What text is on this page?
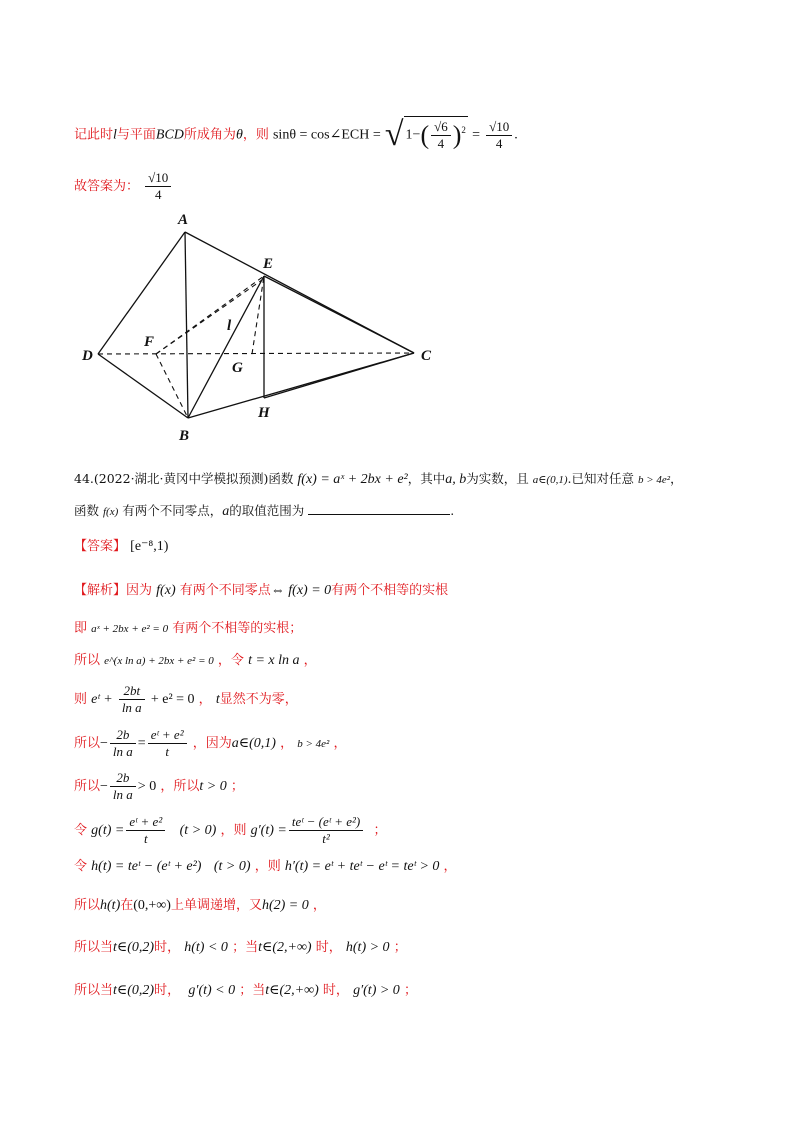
记此时l与平面BCD所成角为θ，则 sinθ = cos∠ECH = √ $1-( \frac{√6}{4} )^2 = \frac{√10}{4}$ .
故答案为： $\frac{√10}{4}$
A
E
F
l
D	C
G
H
B
44.(2022·湖北·黄冈中学模拟预测)函数 f(x) = aˣ + 2bx + e²，其中a, b为实数，且 a∈(0,1).已知对任意 b > 4e²，
函数 f(x) 有两个不同零点，a的取值范围为	.
【答案】 [e⁻⁸,1)
【解析】因为 f(x) 有两个不同零点⇔ f(x) = 0有两个不相等的实根
即 aˣ + 2bx + e² = 0 有两个不相等的实根；
所以 e^(x ln a) + 2bx + e² = 0 ，令 t = x ln a ，
则 eᵗ + $\frac{2bt}{\text{ln a}} + e^2 = 0$ ， t显然不为零，
所以− $\frac{2b}{\text{ln a}} = \frac{\text{eᵗ + e²}}{t}$ ，因为a∈(0,1) ， b > 4e² ，
所以− $\frac{2b}{\text{ln a}} > 0$ ，所以t > 0 ；
令 $g(t) = \frac{\text{eᵗ + e²}}{t} (t > 0)$ ，则 $g'(t) = \frac{\text{teᵗ − (eᵗ + e²)}}{\text{t²}}$ ；
令 h(t) = teᵗ − (eᵗ + e²) (t > 0) ，则 h′(t) = eᵗ + teᵗ − eᵗ = teᵗ > 0 ，
所以h(t)在(0,+∞)上单调递增，又h(2) = 0 ，
所以当t∈(0,2)时， h(t) < 0 ；当t∈(2,+∞) 时， h(t) > 0 ；
所以当t∈(0,2)时， g′(t) < 0 ；当t∈(2,+∞) 时， g′(t) > 0 ；
